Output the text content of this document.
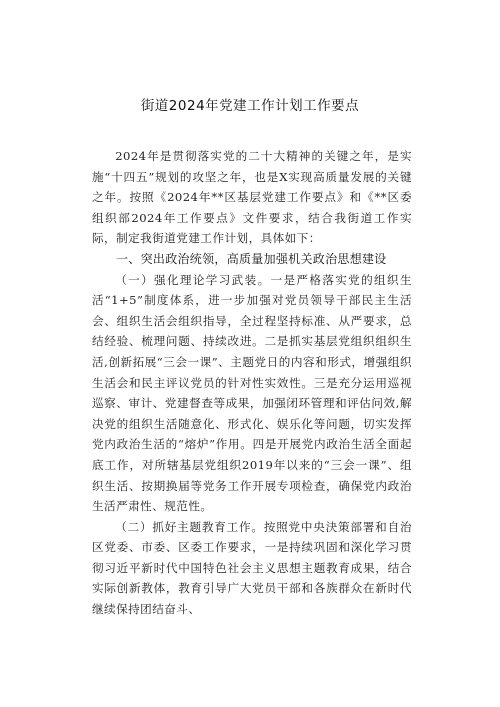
街道2024年党建工作计划工作要点

2024年是贯彻落实党的二十大精神的关键之年，是实施“十四五”规划的攻坚之年，也是X实现高质量发展的关键之年。按照《2024年**区基层党建工作要点》和《**区委组织部2024年工作要点》文件要求，结合我街道工作实际，制定我街道党建工作计划，具体如下：

一、突出政治统领，高质量加强机关政治思想建设

（一）强化理论学习武装。一是严格落实党的组织生活“1+5”制度体系，进一步加强对党员领导干部民主生活会、组织生活会组织指导，全过程坚持标准、从严要求，总结经验、梳理问题、持续改进。二是抓实基层党组织组织生活,创新拓展“三会一课”、主题党日的内容和形式，增强组织生活会和民主评议党员的针对性实效性。三是充分运用巡视巡察、审计、党建督查等成果，加强闭环管理和评估问效,解决党的组织生活随意化、形式化、娱乐化等问题，切实发挥党内政治生活的“熔炉”作用。四是开展党内政治生活全面起底工作，对所辖基层党组织2019年以来的“三会一课”、组织生活、按期换届等党务工作开展专项检查，确保党内政治生活严肃性、规范性。

（二）抓好主题教育工作。按照党中央決策部署和自治区党委、市委、区委工作要求，一是持续巩固和深化学习贯彻习近平新时代中国特色社会主义思想主题教育成果，结合实际创新教体，教育引导广大党员干部和各族群众在新时代继续保持团结奋斗、
